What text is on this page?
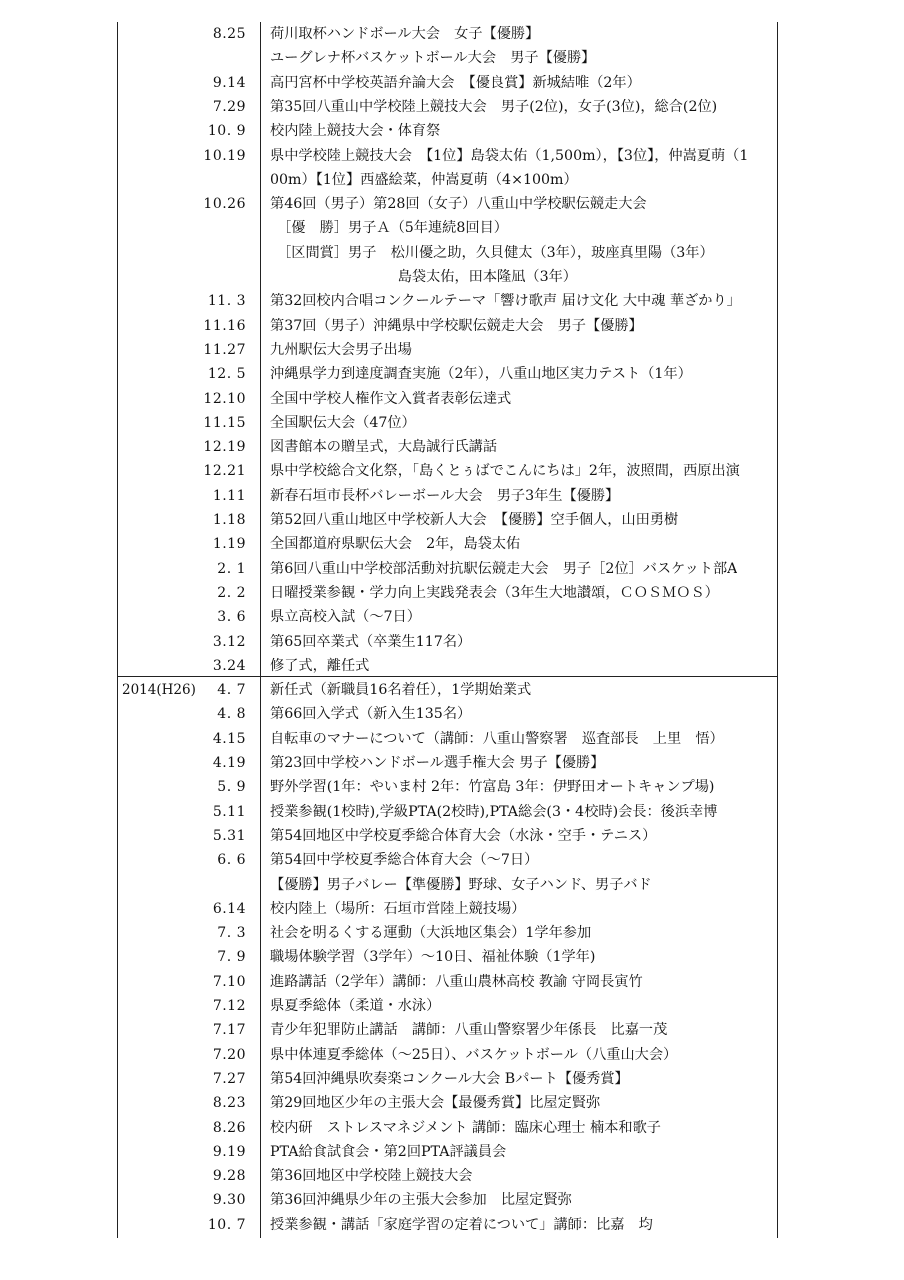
8.25 荷川取杯ハンドボール大会　女子【優勝】
ユーグレナ杯バスケットボール大会　男子【優勝】
9.14 高円宮杯中学校英語弁論大会　【優良賞】新城結唯（2年）
7.29 第35回八重山中学校陸上競技大会　男子(2位)，女子(3位)，総合(2位)
10. 9 校内陸上競技大会・体育祭
10.19 県中学校陸上競技大会　【1位】島袋太佑（1,500m），【3位】，仲嵩夏萌（1
00m）【1位】西盛絵菜，仲嵩夏萌（4×100m）
10.26 第46回（男子）第28回（女子）八重山中学校駅伝競走大会
　［優　勝］男子Ａ（5年連続8回目）
　［区間賞］男子　松川優之助，久貝健太（3年），玻座真里陽（3年）
　　　　　　　　　島袋太佑，田本隆凪（3年）
11. 3 第32回校内合唱コンクールテーマ「響け歌声 届け文化 大中魂 華ざかり」
11.16 第37回（男子）沖縄県中学校駅伝競走大会　男子【優勝】
11.27 九州駅伝大会男子出場
12. 5 沖縄県学力到達度調査実施（2年），八重山地区実力テスト（1年）
12.10 全国中学校人権作文入賞者表彰伝達式
11.15 全国駅伝大会（47位）
12.19 図書館本の贈呈式，大島誠行氏講話
12.21 県中学校総合文化祭，「島くとぅばでこんにちは」2年，波照間，西原出演
1.11 新春石垣市長杯バレーボール大会　男子3年生【優勝】
1.18 第52回八重山地区中学校新人大会　【優勝】空手個人，山田勇樹
1.19 全国都道府県駅伝大会　2年，島袋太佑
2. 1 第6回八重山中学校部活動対抗駅伝競走大会　男子［2位］バスケット部A
2. 2 日曜授業参観・学力向上実践発表会（3年生大地讃頌，ＣＯＳＭＯＳ）
3. 6 県立高校入試（～7日）
3.12 第65回卒業式（卒業生117名）
3.24 修了式，離任式
2014(H26)	4. 7 新任式（新職員16名着任），1学期始業式
4. 8 第66回入学式（新入生135名）
4.15 自転車のマナーについて（講師：八重山警察署　巡査部長　上里　悟）
4.19 第23回中学校ハンドボール選手権大会 男子【優勝】
5. 9 野外学習(1年：やいま村 2年：竹富島 3年：伊野田オートキャンプ場)
5.11 授業参観(1校時),学級PTA(2校時),PTA総会(3・4校時)会長：後浜幸博
5.31 第54回地区中学校夏季総合体育大会（水泳・空手・テニス）
6. 6 第54回中学校夏季総合体育大会（～7日）
【優勝】男子バレー【準優勝】野球、女子ハンド、男子バド
6.14 校内陸上（場所：石垣市営陸上競技場）
7. 3 社会を明るくする運動（大浜地区集会）1学年参加
7. 9 職場体験学習（3学年）～10日、福祉体験（1学年)
7.10 進路講話（2学年）講師：八重山農林高校 教諭 守岡長寅竹
7.12 県夏季総体（柔道・水泳）
7.17 青少年犯罪防止講話　講師：八重山警察署少年係長　比嘉一茂
7.20 県中体連夏季総体（～25日）、バスケットボール（八重山大会）
7.27 第54回沖縄県吹奏楽コンクール大会 Bパート【優秀賞】
8.23 第29回地区少年の主張大会【最優秀賞】比屋定賢弥
8.26 校内研　ストレスマネジメント 講師：臨床心理士 楠本和歌子
9.19 PTA給食試食会・第2回PTA評議員会
9.28 第36回地区中学校陸上競技大会
9.30 第36回沖縄県少年の主張大会参加　比屋定賢弥
10. 7 授業参観・講話「家庭学習の定着について」講師：比嘉　均
